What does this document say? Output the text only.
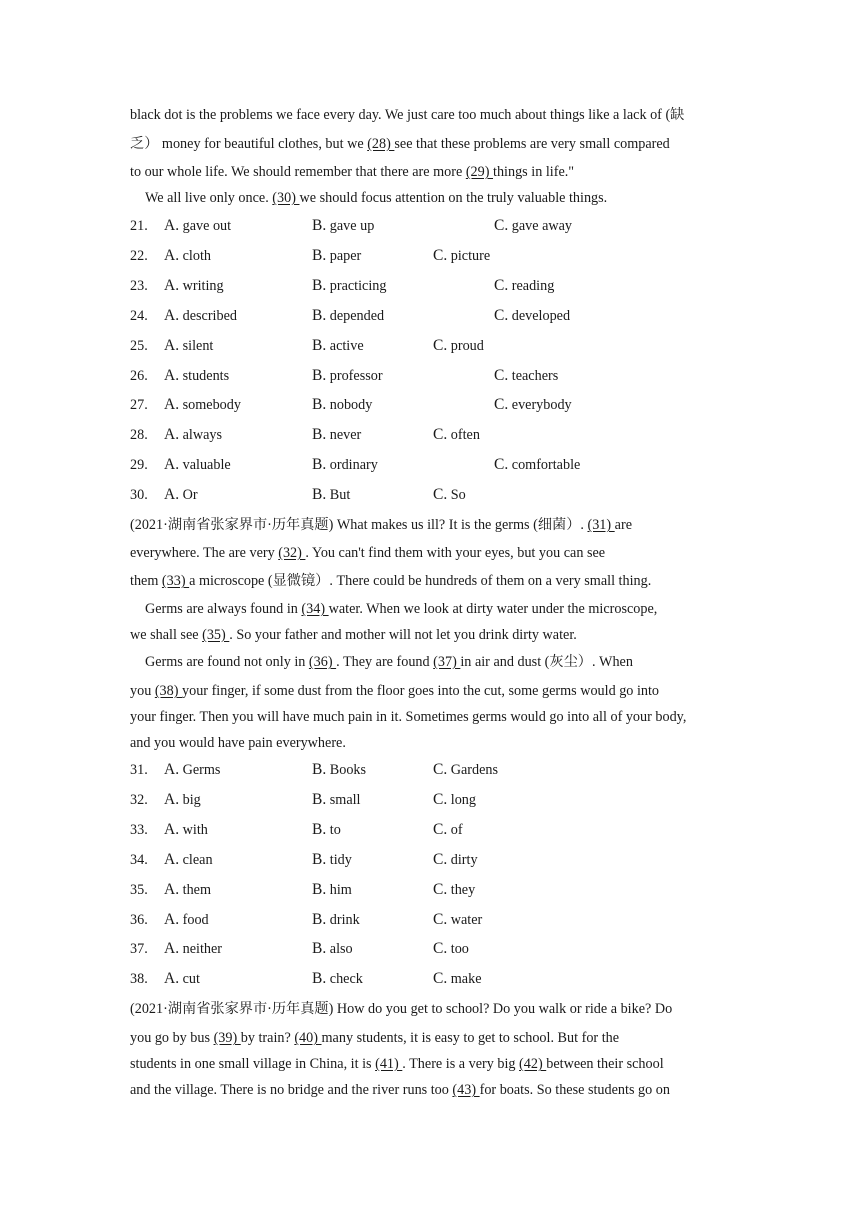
black dot is the problems we face every day. We just care too much about things like a lack of (缺
乏） money for beautiful clothes, but we (28) see that these problems are very small compared
to our whole life. We should remember that there are more (29) things in life."
We all live only once. (30) we should focus attention on the truly valuable things.
21.	A. gave out	B. gave up	C. gave away
22.	A. cloth	B. paper	C. picture
23.	A. writing	B. practicing	C. reading
24.	A. described	B. depended	C. developed
25.	A. silent	B. active	C. proud
26.	A. students	B. professor	C. teachers
27.	A. somebody	B. nobody	C. everybody
28.	A. always	B. never	C. often
29.	A. valuable	B. ordinary	C. comfortable
30.	A. Or	B. But	C. So
(2021·湖南省张家界市·历年真题) What makes us ill? It is the germs (细菌）. (31) are
everywhere. The are very (32) . You can't find them with your eyes, but you can see
them (33) a microscope (显微镜）. There could be hundreds of them on a very small thing.
Germs are always found in (34) water. When we look at dirty water under the microscope,
we shall see (35) . So your father and mother will not let you drink dirty water.
Germs are found not only in (36) . They are found (37) in air and dust (灰尘）. When
you (38) your finger, if some dust from the floor goes into the cut, some germs would go into
your finger. Then you will have much pain in it. Sometimes germs would go into all of your body,
and you would have pain everywhere.
31.	A. Germs	B. Books	C. Gardens
32.	A. big	B. small	C. long
33.	A. with	B. to	C. of
34.	A. clean	B. tidy	C. dirty
35.	A. them	B. him	C. they
36.	A. food	B. drink	C. water
37.	A. neither	B. also	C. too
38.	A. cut	B. check	C. make
(2021·湖南省张家界市·历年真题) How do you get to school? Do you walk or ride a bike? Do
you go by bus (39) by train? (40) many students, it is easy to get to school. But for the
students in one small village in China, it is (41) . There is a very big (42) between their school
and the village. There is no bridge and the river runs too (43) for boats. So these students go on
